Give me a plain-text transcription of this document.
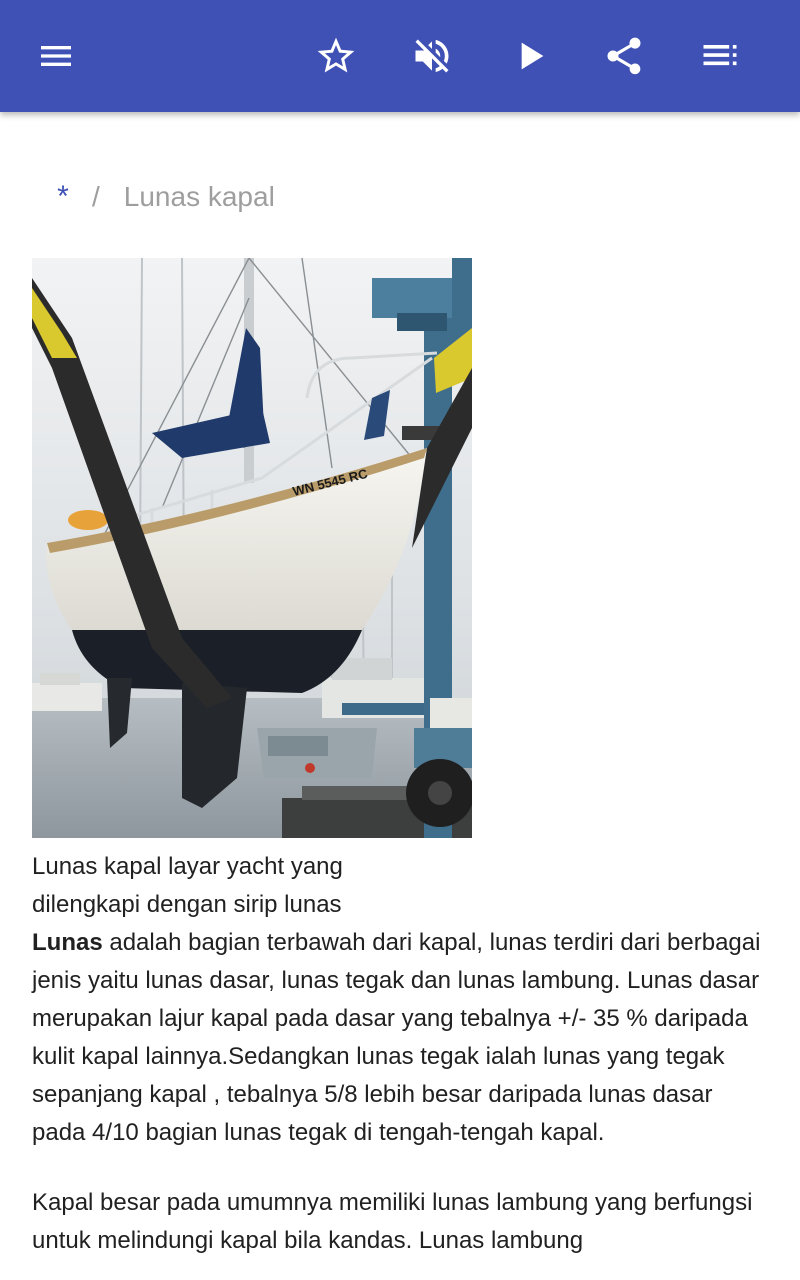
* / Lunas kapal
WN 5545 RC
Lunas kapal layar yacht yang
dilengkapi dengan sirip lunas

Lunas adalah bagian terbawah dari kapal, lunas terdiri dari berbagai jenis yaitu lunas dasar, lunas tegak dan lunas lambung. Lunas dasar merupakan lajur kapal pada dasar yang tebalnya +/- 35 % daripada kulit kapal lainnya.Sedangkan lunas tegak ialah lunas yang tegak sepanjang kapal , tebalnya 5/8 lebih besar daripada lunas dasar pada 4/10 bagian lunas tegak di tengah-tengah kapal.

Kapal besar pada umumnya memiliki lunas lambung yang berfungsi untuk melindungi kapal bila kandas. Lunas lambung
